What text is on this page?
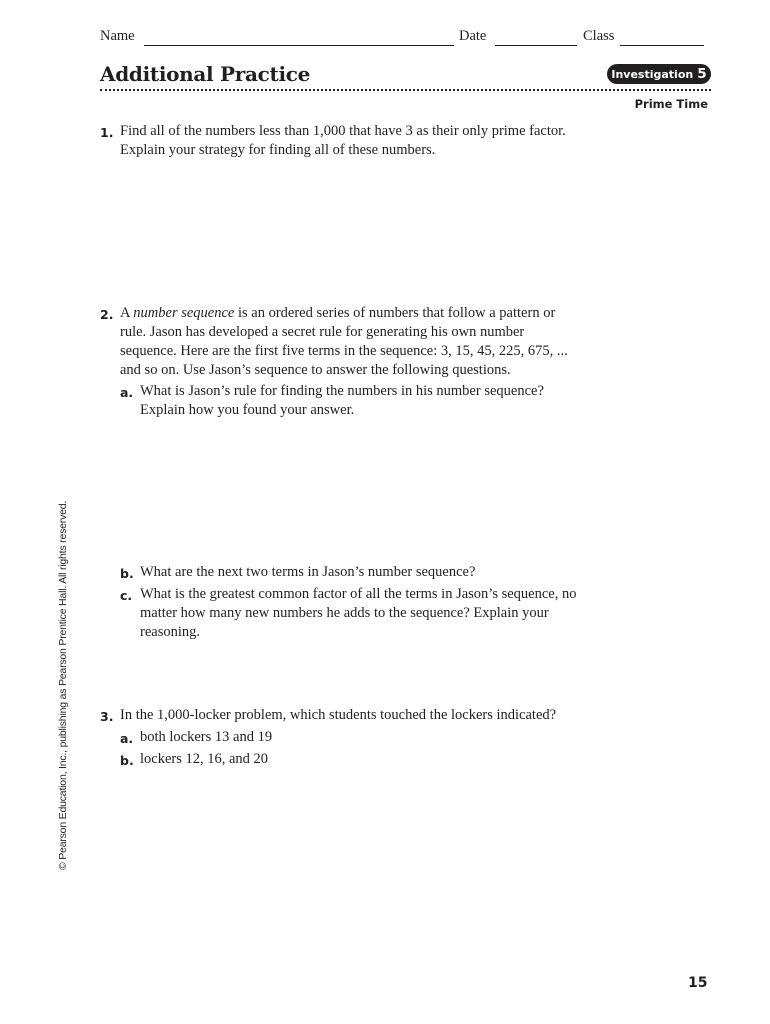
Name	Date	Class
Additional Practice	Investigation 5
Prime Time
1. Find all of the numbers less than 1,000 that have 3 as their only prime factor.
Explain your strategy for finding all of these numbers.
2. A number sequence is an ordered series of numbers that follow a pattern or
rule. Jason has developed a secret rule for generating his own number
sequence. Here are the first five terms in the sequence: 3, 15, 45, 225, 675, ...
and so on. Use Jason’s sequence to answer the following questions.
a. What is Jason’s rule for finding the numbers in his number sequence?
Explain how you found your answer.
b. What are the next two terms in Jason’s number sequence?
c. What is the greatest common factor of all the terms in Jason’s sequence, no
matter how many new numbers he adds to the sequence? Explain your
reasoning.
3. In the 1,000-locker problem, which students touched the lockers indicated?
a. both lockers 13 and 19
b. lockers 12, 16, and 20
© Pearson Education, Inc., publishing as Pearson Prentice Hall. All rights reserved.
15
